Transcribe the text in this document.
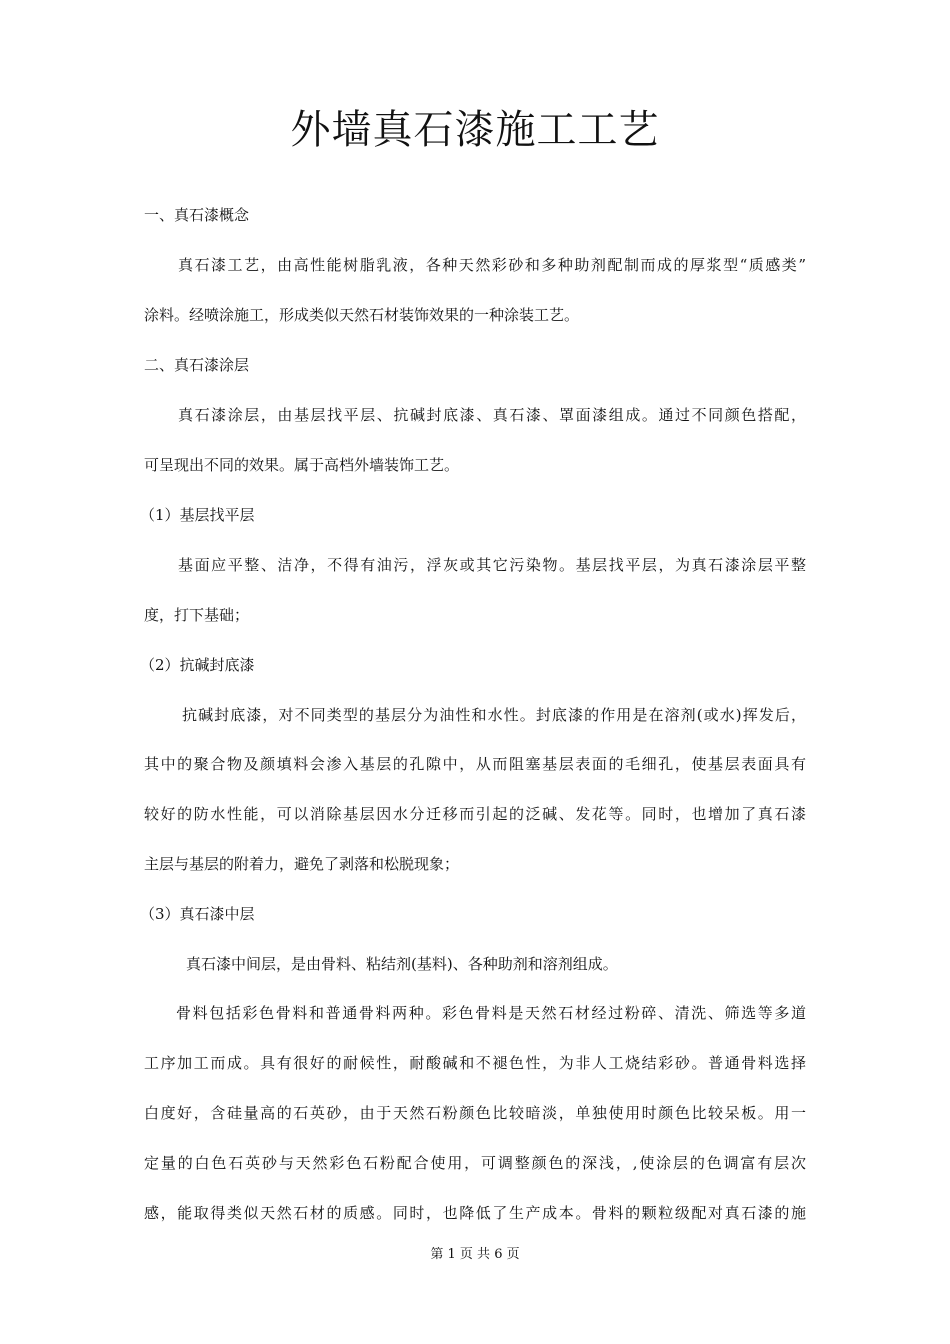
外墙真石漆施工工艺

一、真石漆概念

真石漆工艺，由高性能树脂乳液，各种天然彩砂和多种助剂配制而成的厚浆型“质感类”

涂料。经喷涂施工，形成类似天然石材装饰效果的一种涂装工艺。

二、真石漆涂层

真石漆涂层，由基层找平层、抗碱封底漆、真石漆、罩面漆组成。通过不同颜色搭配，

可呈现出不同的效果。属于高档外墙装饰工艺。

（1）基层找平层

基面应平整、洁净，不得有油污，浮灰或其它污染物。基层找平层，为真石漆涂层平整

度，打下基础；

（2）抗碱封底漆

抗碱封底漆，对不同类型的基层分为油性和水性。封底漆的作用是在溶剂(或水)挥发后，

其中的聚合物及颜填料会渗入基层的孔隙中，从而阻塞基层表面的毛细孔，使基层表面具有

较好的防水性能，可以消除基层因水分迁移而引起的泛碱、发花等。同时，也增加了真石漆

主层与基层的附着力，避免了剥落和松脱现象；

（3）真石漆中层

真石漆中间层，是由骨料、粘结剂(基料)、各种助剂和溶剂组成。

骨料包括彩色骨料和普通骨料两种。彩色骨料是天然石材经过粉碎、清洗、筛选等多道

工序加工而成。具有很好的耐候性，耐酸碱和不褪色性，为非人工烧结彩砂。普通骨料选择

白度好，含硅量高的石英砂，由于天然石粉颜色比较暗淡，单独使用时颜色比较呆板。用一

定量的白色石英砂与天然彩色石粉配合使用，可调整颜色的深浅，,使涂层的色调富有层次

感，能取得类似天然石材的质感。同时，也降低了生产成本。骨料的颗粒级配对真石漆的施

第 1 页 共 6 页
